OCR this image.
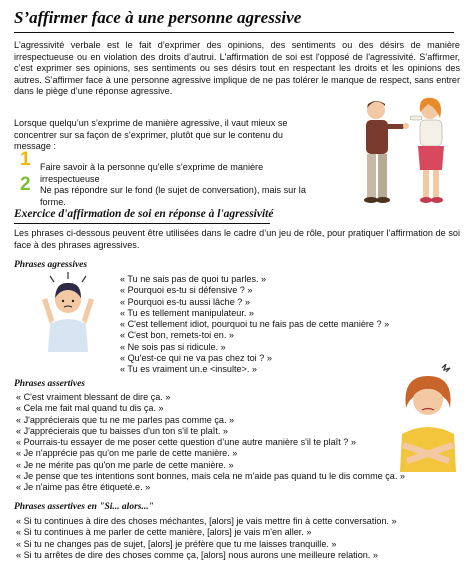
S’affirmer face à une personne agressive

L'agressivité verbale est le fait d’exprimer des opinions, des sentiments ou des désirs de manière irrespectueuse ou en violation des droits d’autrui. L'affirmation de soi est l'opposé de l'agressivité. S’affirmer, c’est exprimer ses opinions, ses sentiments ou ses désirs tout en respectant les droits et les opinions des autres. S’affirmer face à une personne agressive implique de ne pas tolérer le manque de respect, sans entrer dans le piège d’une réponse agressive.

Lorsque quelqu’un s’exprime de manière agressive, il vaut mieux se concentrer sur sa façon de s’exprimer, plutôt que sur le contenu du message :

1 Faire savoir à la personne qu'elle s’exprime de manière irrespectueuse

2 Ne pas répondre sur le fond (le sujet de conversation), mais sur la forme.

Exercice d'affirmation de soi en réponse à l'agressivité

Les phrases ci-dessous peuvent être utilisées dans le cadre d’un jeu de rôle, pour pratiquer l’affirmation de soi face à des phrases agressives.

Phrases agressives
« Tu ne sais pas de quoi tu parles. »
« Pourquoi es-tu si défensive ? »
« Pourquoi es-tu aussi lâche ? »
« Tu es tellement manipulateur. »
« C'est tellement idiot, pourquoi tu ne fais pas de cette manière ? »
« C'est bon, remets-toi en. »
« Ne sois pas si ridicule. »
« Qu'est-ce qui ne va pas chez toi ? »
« Tu es vraiment un.e <insulte>. »
Phrases assertives
« C'est vraiment blessant de dire ça. »
« Cela me fait mal quand tu dis ça. »
« J'apprécierais que tu ne me parles pas comme ça. »
« J'apprécierais que tu baisses d'un ton s'il te plaît. »
« Pourrais-tu essayer de me poser cette question d’une autre manière s'il te plaît ? »
« Je n'apprécie pas qu'on me parle de cette manière. »
« Je ne mérite pas qu'on me parle de cette manière. »
« Je pense que tes intentions sont bonnes, mais cela ne m'aide pas quand tu le dis comme ça. »
« Je n'aime pas être étiqueté.e. »
Phrases assertives en "Si... alors..."
« Si tu continues à dire des choses méchantes, [alors] je vais mettre fin à cette conversation. »
« Si tu continues à me parler de cette manière, [alors] je vais m'en aller. »
« Si tu ne changes pas de sujet, [alors] je préfère que tu me laisses tranquille. »
« Si tu arrêtes de dire des choses comme ça, [alors] nous aurons une meilleure relation. »
